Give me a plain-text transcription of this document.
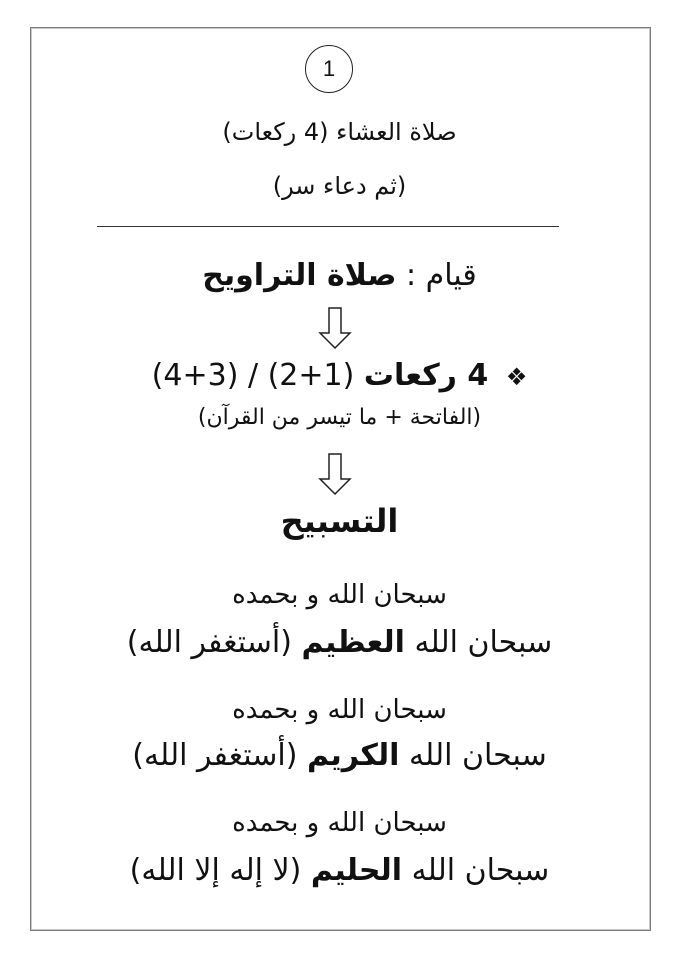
1
صلاة العشاء (4 ركعات)
(ثم دعاء سر)
قيام : صلاة التراويح
❖ 4 ركعات (1+2) / (3+4)
(الفاتحة + ما تيسر من القرآن)
التسبيح
سبحان الله و بحمده
سبحان الله العظيم (أستغفر الله)
سبحان الله و بحمده
سبحان الله الكريم (أستغفر الله)
سبحان الله و بحمده
سبحان الله الحليم (لا إله إلا الله)
